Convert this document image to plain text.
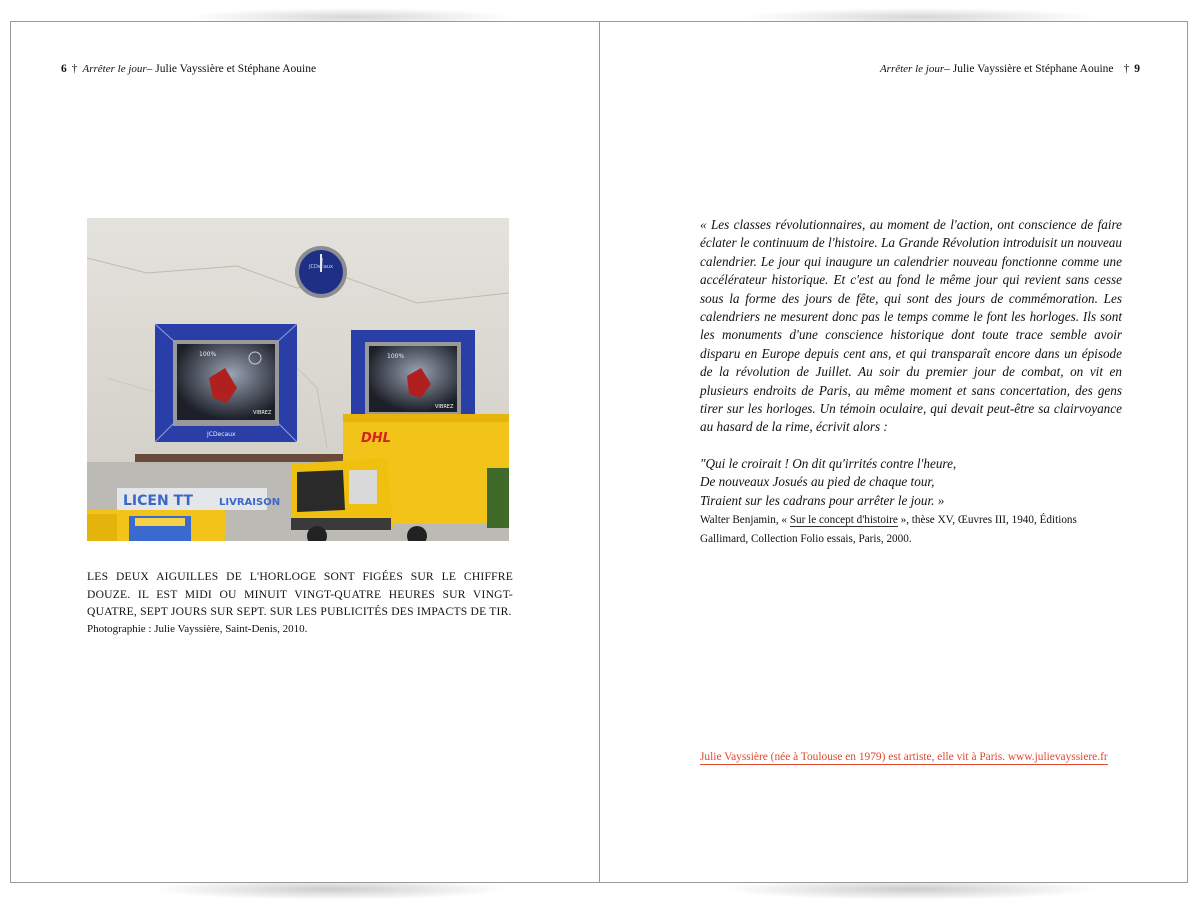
6 † Arrêter le jour– Julie Vayssière et Stéphane Aouine
JCDecaux
100%
VIBREZ
JCDecaux
100%
VIBREZ
LICEN TT	LIVRAISON
DHL
LES DEUX AIGUILLES DE L'HORLOGE SONT FIGÉES SUR LE CHIFFRE DOUZE. IL EST MIDI OU MINUIT VINGT-QUATRE HEURES SUR VINGT-QUATRE, SEPT JOURS SUR SEPT. SUR LES PUBLICITÉS DES IMPACTS DE TIR.
Photographie : Julie Vayssière, Saint-Denis, 2010.
Arrêter le jour– Julie Vayssière et Stéphane Aouine † 9

« Les classes révolutionnaires, au moment de l'action, ont conscience de faire éclater le continuum de l'histoire. La Grande Révolution introduisit un nouveau calendrier. Le jour qui inaugure un calendrier nouveau fonctionne comme une accélérateur historique. Et c'est au fond le même jour qui revient sans cesse sous la forme des jours de fête, qui sont des jours de commémoration. Les calendriers ne mesurent donc pas le temps comme le font les horloges. Ils sont les monuments d'une conscience historique dont toute trace semble avoir disparu en Europe depuis cent ans, et qui transparaît encore dans un épisode de la révolution de Juillet. Au soir du premier jour de combat, on vit en plusieurs endroits de Paris, au même moment et sans concertation, des gens tirer sur les horloges. Un témoin oculaire, qui devait peut-être sa clairvoyance au hasard de la rime, écrivit alors :

"Qui le croirait ! On dit qu'irrités contre l'heure,
De nouveaux Josués au pied de chaque tour,
Tiraient sur les cadrans pour arrêter le jour. »
Walter Benjamin, « Sur le concept d'histoire », thèse XV, Œuvres III, 1940, Éditions Gallimard, Collection Folio essais, Paris, 2000.
Julie Vayssière (née à Toulouse en 1979) est artiste, elle vit à Paris. www.julievayssiere.fr
